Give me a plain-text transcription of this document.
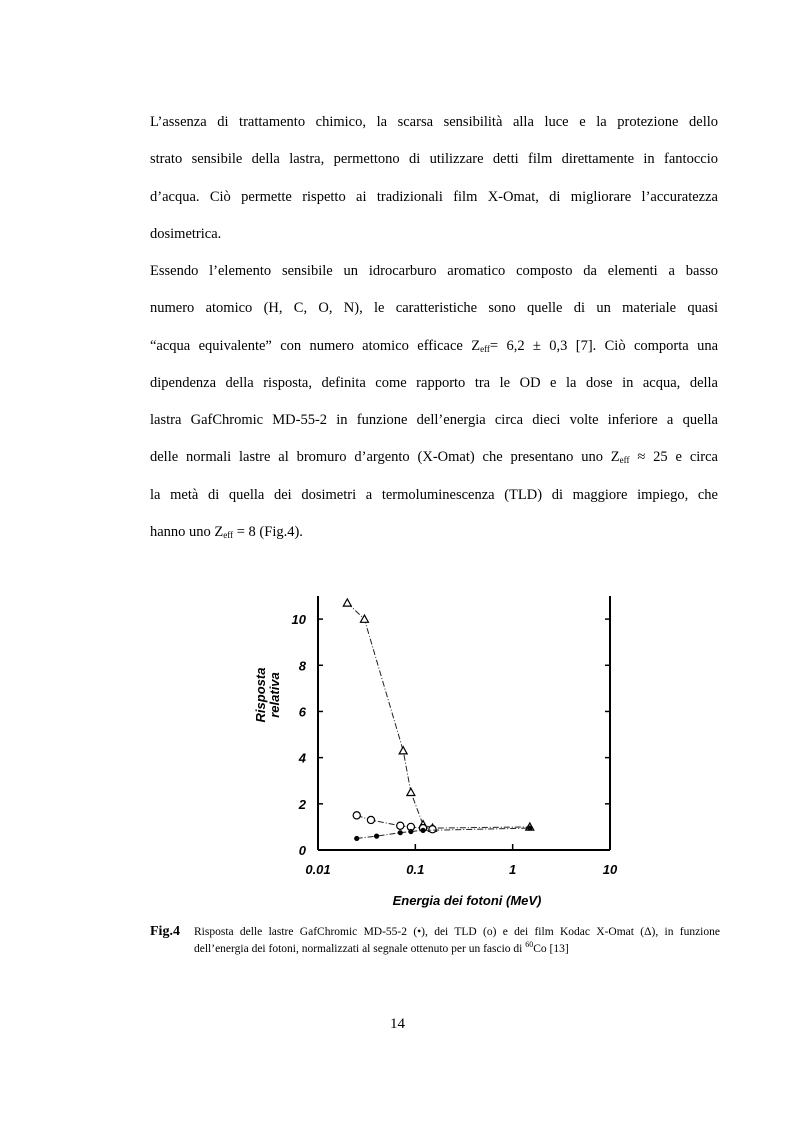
L’assenza di trattamento chimico, la scarsa sensibilità alla luce e la protezione dello
strato sensibile della lastra, permettono di utilizzare detti film direttamente in fantoccio
d’acqua. Ciò permette rispetto ai tradizionali film X-Omat, di migliorare l’accuratezza
dosimetrica.
Essendo l’elemento sensibile un idrocarburo aromatico composto da elementi a basso
numero atomico (H, C, O, N), le caratteristiche sono quelle di un materiale quasi
“acqua equivalente” con numero atomico efficace $Z_{eff}= 6,2 \pm 0,3$ [7]. Ciò comporta una
dipendenza della risposta, definita come rapporto tra le OD e la dose in acqua, della
lastra GafChromic MD-55-2 in funzione dell’energia circa dieci volte inferiore a quella
delle normali lastre al bromuro d’argento (X-Omat) che presentano uno $Z_{eff} \approx 25$ e circa
la metà di quella dei dosimetri a termoluminescenza (TLD) di maggiore impiego, che
hanno uno $Z_{eff} = 8$ (Fig.4).
0
2
4
6
8
10
0.01	0.1	1	10
Energia dei fotoni (MeV)
Risposta relativa
Fig.4 Risposta delle lastre GafChromic MD-55-2 (•), dei TLD (o) e dei film Kodac X-Omat (Δ), in funzione dell’energia dei fotoni, normalizzati al segnale ottenuto per un fascio di $^{60}$Co [13]
14
